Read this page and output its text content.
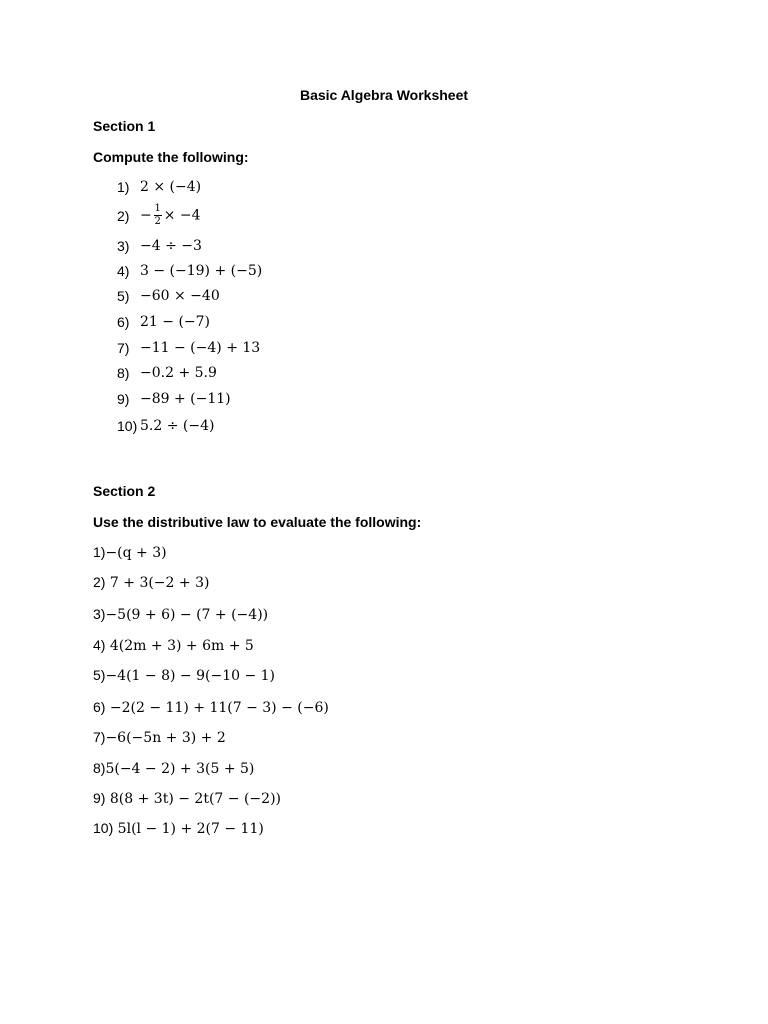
Basic Algebra Worksheet
Section 1
Compute the following:
1) 2 × (−4)
$2) - \frac{1}{2} \times -4$
3) −4 ÷ −3
4) 3 − (−19) + (−5)
5) −60 × −40
6) 21 − (−7)
7) −11 − (−4) + 13
8) −0.2 + 5.9
9) −89 + (−11)
10) 5.2 ÷ (−4)
Section 2
Use the distributive law to evaluate the following:
1)−(q + 3)
2) 7 + 3(−2 + 3)
3)−5(9 + 6) − (7 + (−4))
4) 4(2m + 3) + 6m + 5
5)−4(1 − 8) − 9(−10 − 1)
6) −2(2 − 11) + 11(7 − 3) − (−6)
7)−6(−5n + 3) + 2
8)5(−4 − 2) + 3(5 + 5)
9) 8(8 + 3t) − 2t(7 − (−2))
10) 5l(l − 1) + 2(7 − 11)
